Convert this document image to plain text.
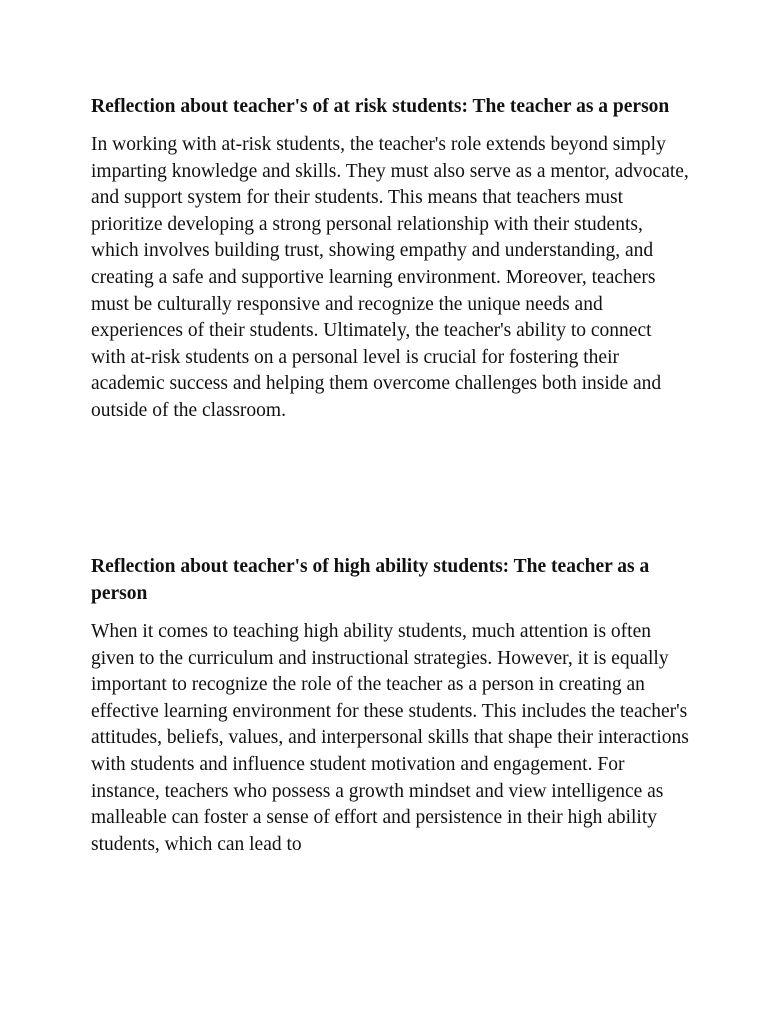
Reflection about teacher's of at risk students: The teacher as a person

In working with at-risk students, the teacher's role extends beyond simply imparting knowledge and skills. They must also serve as a mentor, advocate, and support system for their students. This means that teachers must prioritize developing a strong personal relationship with their students, which involves building trust, showing empathy and understanding, and creating a safe and supportive learning environment. Moreover, teachers must be culturally responsive and recognize the unique needs and experiences of their students. Ultimately, the teacher's ability to connect with at-risk students on a personal level is crucial for fostering their academic success and helping them overcome challenges both inside and outside of the classroom.

Reflection about teacher's of high ability students: The teacher as a person

When it comes to teaching high ability students, much attention is often given to the curriculum and instructional strategies. However, it is equally important to recognize the role of the teacher as a person in creating an effective learning environment for these students. This includes the teacher's attitudes, beliefs, values, and interpersonal skills that shape their interactions with students and influence student motivation and engagement. For instance, teachers who possess a growth mindset and view intelligence as malleable can foster a sense of effort and persistence in their high ability students, which can lead to
